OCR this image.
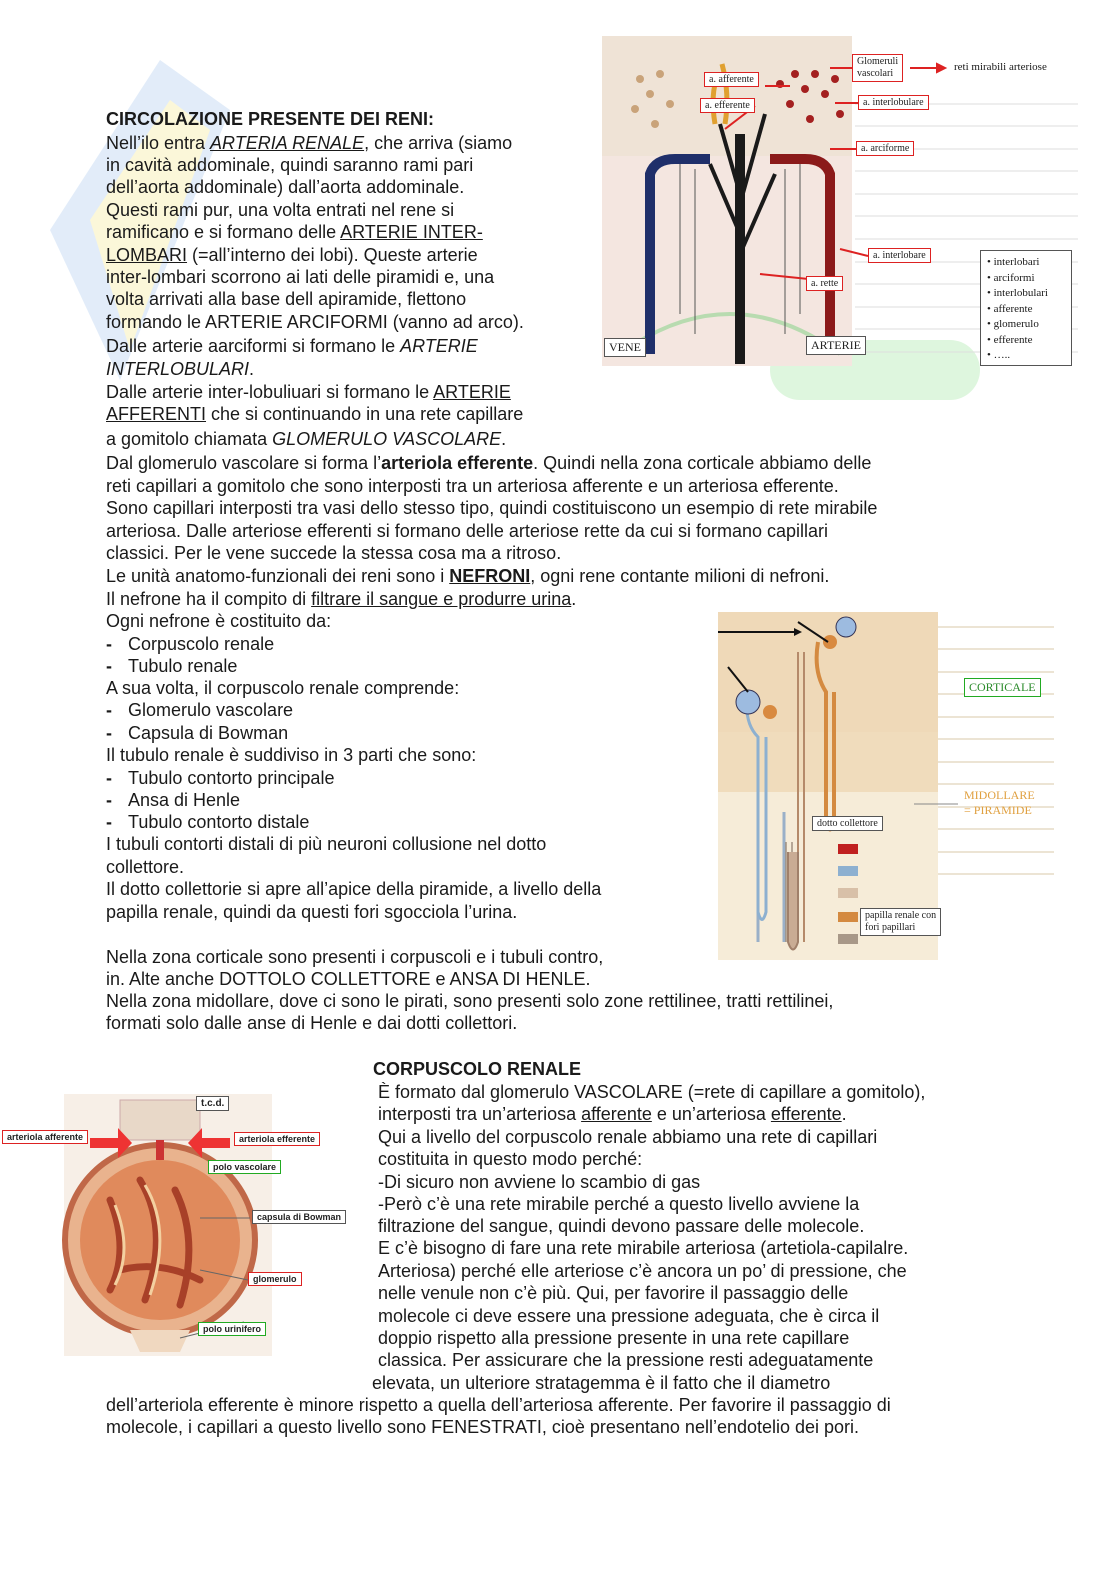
CIRCOLAZIONE PRESENTE DEI RENI:
Nell’ilo entra ARTERIA RENALE, che arriva (siamo
in cavità addominale, quindi saranno rami pari
dell’aorta addominale) dall’aorta addominale.
Questi rami pur, una volta entrati nel rene si
ramificano e si formano delle ARTERIE INTER-
LOMBARI (=all’interno dei lobi). Queste arterie
inter-lombari scorrono ai lati delle piramidi e, una
volta arrivati alla base dell apiramide, flettono
formando le ARTERIE ARCIFORMI (vanno ad arco).
Dalle arterie aarciformi si formano le ARTERIE
INTERLOBULARI.
Dalle arterie inter-lobuliuari si formano le ARTERIE
AFFERENTI che si continuando in una rete capillare
a gomitolo chiamata GLOMERULO VASCOLARE.
a. afferente
a. efferente
Glomeruli
vascolari
reti mirabili arteriose
a. interlobulare
a. arciforme
a. interlobare
a. rette
VENE	ARTERIE
• interlobari
• arciformi
• interlobulari
• afferente
• glomerulo
• efferente
• …..
Dal glomerulo vascolare si forma l’arteriola efferente. Quindi nella zona corticale abbiamo delle
reti capillari a gomitolo che sono interposti tra un arteriosa afferente e un arteriosa efferente.
Sono capillari interposti tra vasi dello stesso tipo, quindi costituiscono un esempio di rete mirabile
arteriosa. Dalle arteriose efferenti si formano delle arteriose rette da cui si formano capillari
classici. Per le vene succede la stessa cosa ma a ritroso.
Le unità anatomo-funzionali dei reni sono i NEFRONI, ogni rene contante milioni di nefroni.
Il nefrone ha il compito di filtrare il sangue e produrre urina.
Ogni nefrone è costituito da:
- Corpuscolo renale
- Tubulo renale
A sua volta, il corpuscolo renale comprende:
- Glomerulo vascolare
- Capsula di Bowman
Il tubulo renale è suddiviso in 3 parti che sono:
- Tubulo contorto principale
- Ansa di Henle
- Tubulo contorto distale
I tubuli contorti distali di più neuroni collusione nel dotto
collettore.
Il dotto collettorie si apre all’apice della piramide, a livello della
papilla renale, quindi da questi fori sgocciola l’urina.
CORTICALE
MIDOLLARE
= PIRAMIDE
dotto collettore
papilla renale con
fori papillari
Nella zona corticale sono presenti i corpuscoli e i tubuli contro,
in. Alte anche DOTTOLO COLLETTORE e ANSA DI HENLE.
Nella zona midollare, dove ci sono le pirati, sono presenti solo zone rettilinee, tratti rettilinei,
formati solo dalle anse di Henle e dai dotti collettori.
t.c.d.
arteriola afferente	arteriola efferente
polo vascolare
capsula di Bowman
glomerulo
polo urinifero
CORPUSCOLO RENALE
È formato dal glomerulo VASCOLARE (=rete di capillare a gomitolo),
interposti tra un’arteriosa afferente e un’arteriosa efferente.
Qui a livello del corpuscolo renale abbiamo una rete di capillari
costituita in questo modo perché:
-Di sicuro non avviene lo scambio di gas
-Però c’è una rete mirabile perché a questo livello avviene la
filtrazione del sangue, quindi devono passare delle molecole.
E c’è bisogno di fare una rete mirabile arteriosa (artetiola-capilalre.
Arteriosa) perché elle arteriose c’è ancora un po’ di pressione, che
nelle venule non c’è più. Qui, per favorire il passaggio delle
molecole ci deve essere una pressione adeguata, che è circa il
doppio rispetto alla pressione presente in una rete capillare
classica. Per assicurare che la pressione resti adeguatamente
elevata, un ulteriore stratagemma è il fatto che il diametro
dell’arteriola efferente è minore rispetto a quella dell’arteriosa afferente. Per favorire il passaggio di
molecole, i capillari a questo livello sono FENESTRATI, cioè presentano nell’endotelio dei pori.
